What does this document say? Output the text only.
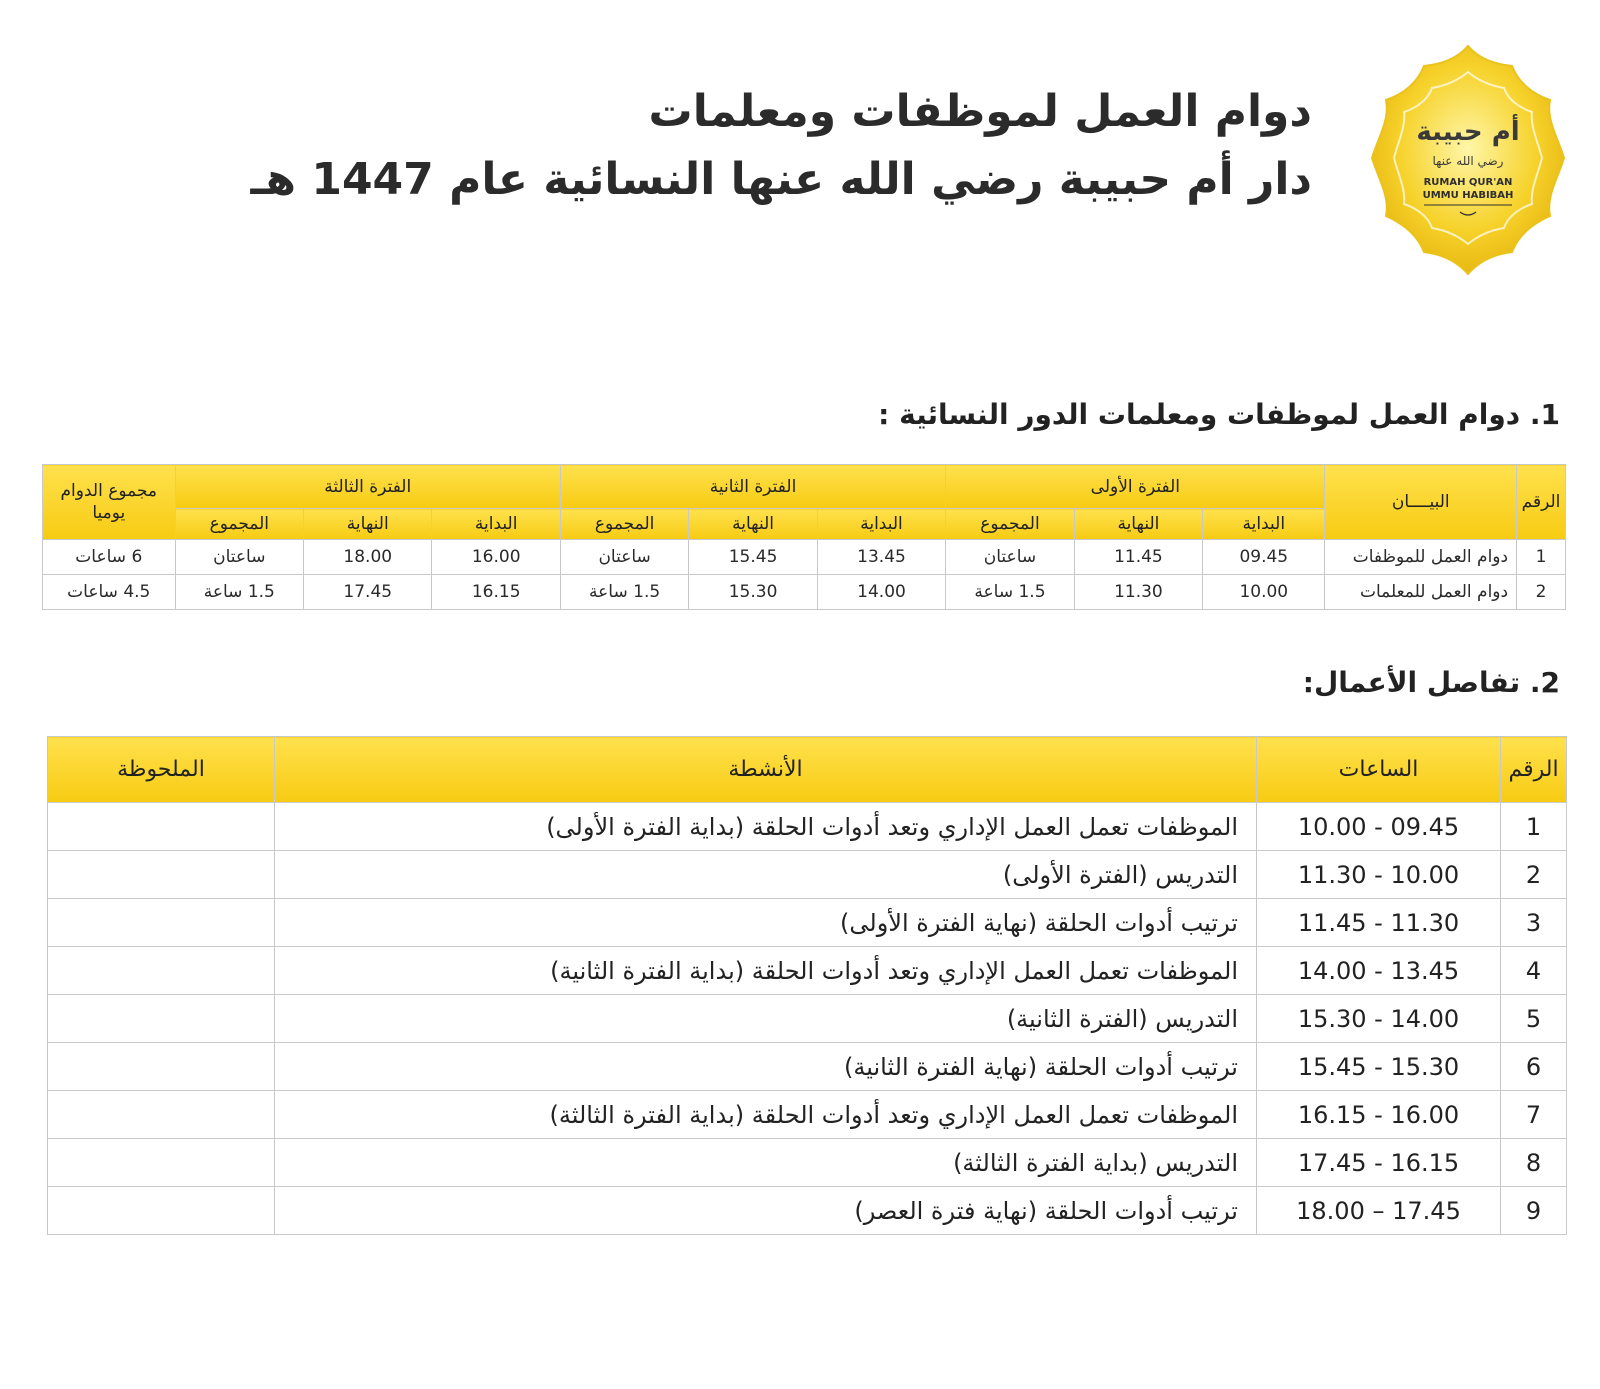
أم حبيبة
رضي الله عنها
RUMAH QUR'AN
UMMU HABIBAH
دوام العمل لموظفات ومعلمات
دار أم حبيبة رضي الله عنها النسائية عام 1447 هـ
1. دوام العمل لموظفات ومعلمات الدور النسائية :
الرقم	البيــــان	الفترة الأولى			الفترة الثانية			الفترة الثالثة			مجموع الدوام يوميا
		البداية	النهاية	المجموع	البداية	النهاية	المجموع	البداية	النهاية	المجموع	
1	دوام العمل للموظفات	09.45	11.45	ساعتان	13.45	15.45	ساعتان	16.00	18.00	ساعتان	6 ساعات
2	دوام العمل للمعلمات	10.00	11.30	1.5 ساعة	14.00	15.30	1.5 ساعة	16.15	17.45	1.5 ساعة	4.5 ساعات
2. تفاصل الأعمال:
الرقم	الساعات	الأنشطة	الملحوظة
1	09.45 - 10.00	الموظفات تعمل العمل الإداري وتعد أدوات الحلقة (بداية الفترة الأولى)	
2	10.00 - 11.30	التدريس (الفترة الأولى)	
3	11.30 - 11.45	ترتيب أدوات الحلقة (نهاية الفترة الأولى)	
4	13.45 - 14.00	الموظفات تعمل العمل الإداري وتعد أدوات الحلقة (بداية الفترة الثانية)	
5	14.00 - 15.30	التدريس (الفترة الثانية)	
6	15.30 - 15.45	ترتيب أدوات الحلقة (نهاية الفترة الثانية)	
7	16.00 - 16.15	الموظفات تعمل العمل الإداري وتعد أدوات الحلقة (بداية الفترة الثالثة)	
8	16.15 - 17.45	التدريس (بداية الفترة الثالثة)	
9	17.45 – 18.00	ترتيب أدوات الحلقة (نهاية فترة العصر)	
